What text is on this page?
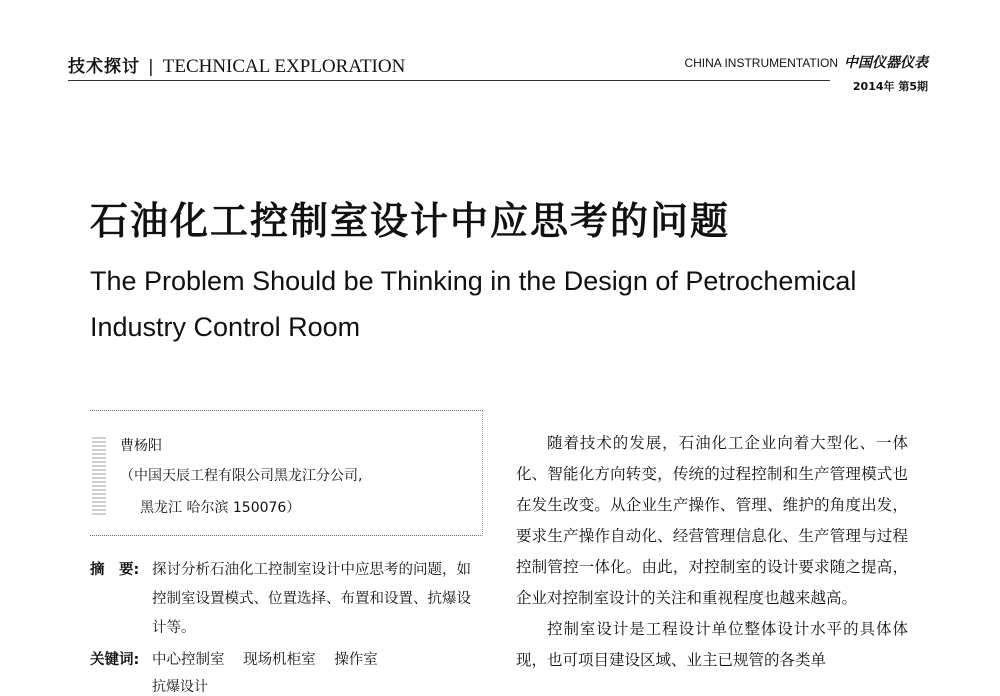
技术探讨 | TECHNICAL EXPLORATION	CHINA INSTRUMENTATION 中国仪器仪表
2014年 第5期
石油化工控制室设计中应思考的问题
The Problem Should be Thinking in the Design of Petrochemical Industry Control Room
曹杨阳
（中国天辰工程有限公司黑龙江分公司,
黑龙江 哈尔滨 150076）
摘　要: 探讨分析石油化工控制室设计中应思考的问题，如控制室设置模式、位置选择、布置和设置、抗爆设计等。
关键词: 中心控制室 现场机柜室 操作室
抗爆设计

随着技术的发展，石油化工企业向着大型化、一体化、智能化方向转变，传统的过程控制和生产管理模式也在发生改变。从企业生产操作、管理、维护的角度出发，要求生产操作自动化、经营管理信息化、生产管理与过程控制管控一体化。由此，对控制室的设计要求随之提高，企业对控制室设计的关注和重视程度也越来越高。

控制室设计是工程设计单位整体设计水平的具体体现，也可项目建设区域、业主已规管的各类单
